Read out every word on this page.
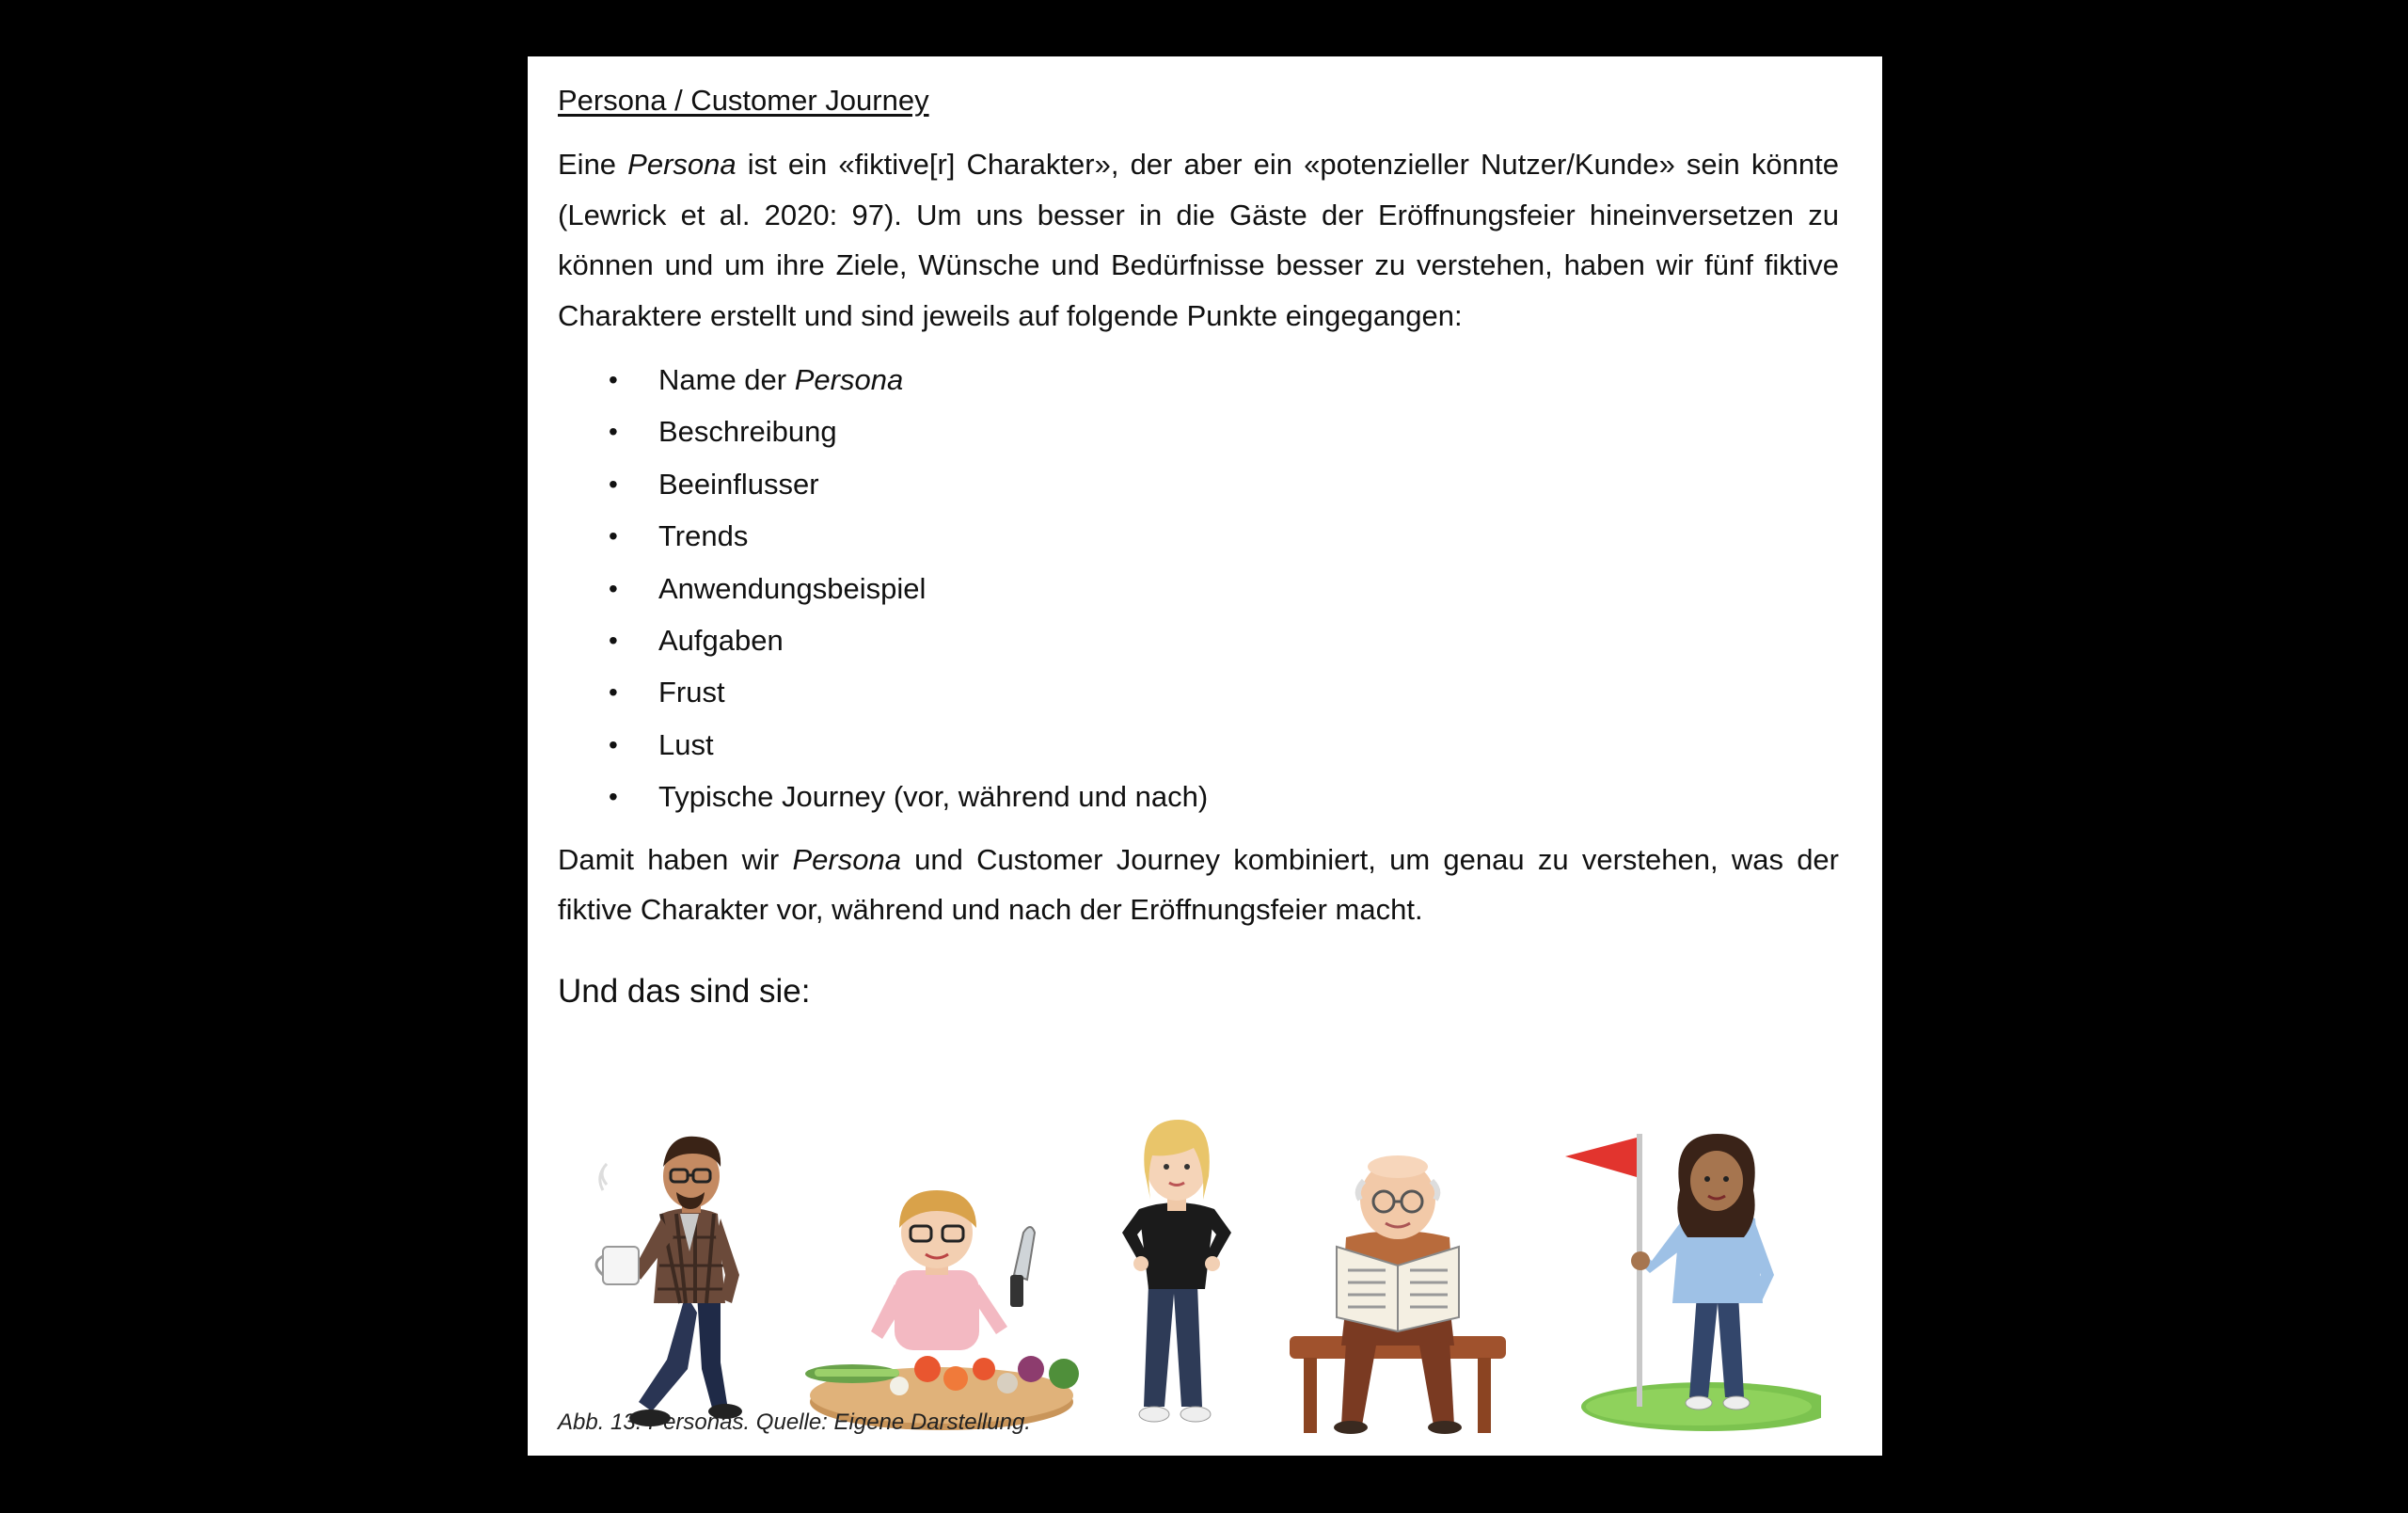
Persona / Customer Journey

Eine Persona ist ein «fiktive[r] Charakter», der aber ein «potenzieller Nutzer/Kunde» sein könnte (Lewrick et al. 2020: 97). Um uns besser in die Gäste der Eröffnungsfeier hineinversetzen zu können und um ihre Ziele, Wünsche und Bedürfnisse besser zu verstehen, haben wir fünf fiktive Charaktere erstellt und sind jeweils auf folgende Punkte eingegangen:

• Name der Persona
• Beschreibung
• Beeinflusser
• Trends
• Anwendungsbeispiel
• Aufgaben
• Frust
• Lust
• Typische Journey (vor, während und nach)

Damit haben wir Persona und Customer Journey kombiniert, um genau zu verstehen, was der fiktive Charakter vor, während und nach der Eröffnungsfeier macht.

Und das sind sie:

Abb. 13: Personas. Quelle: Eigene Darstellung.
